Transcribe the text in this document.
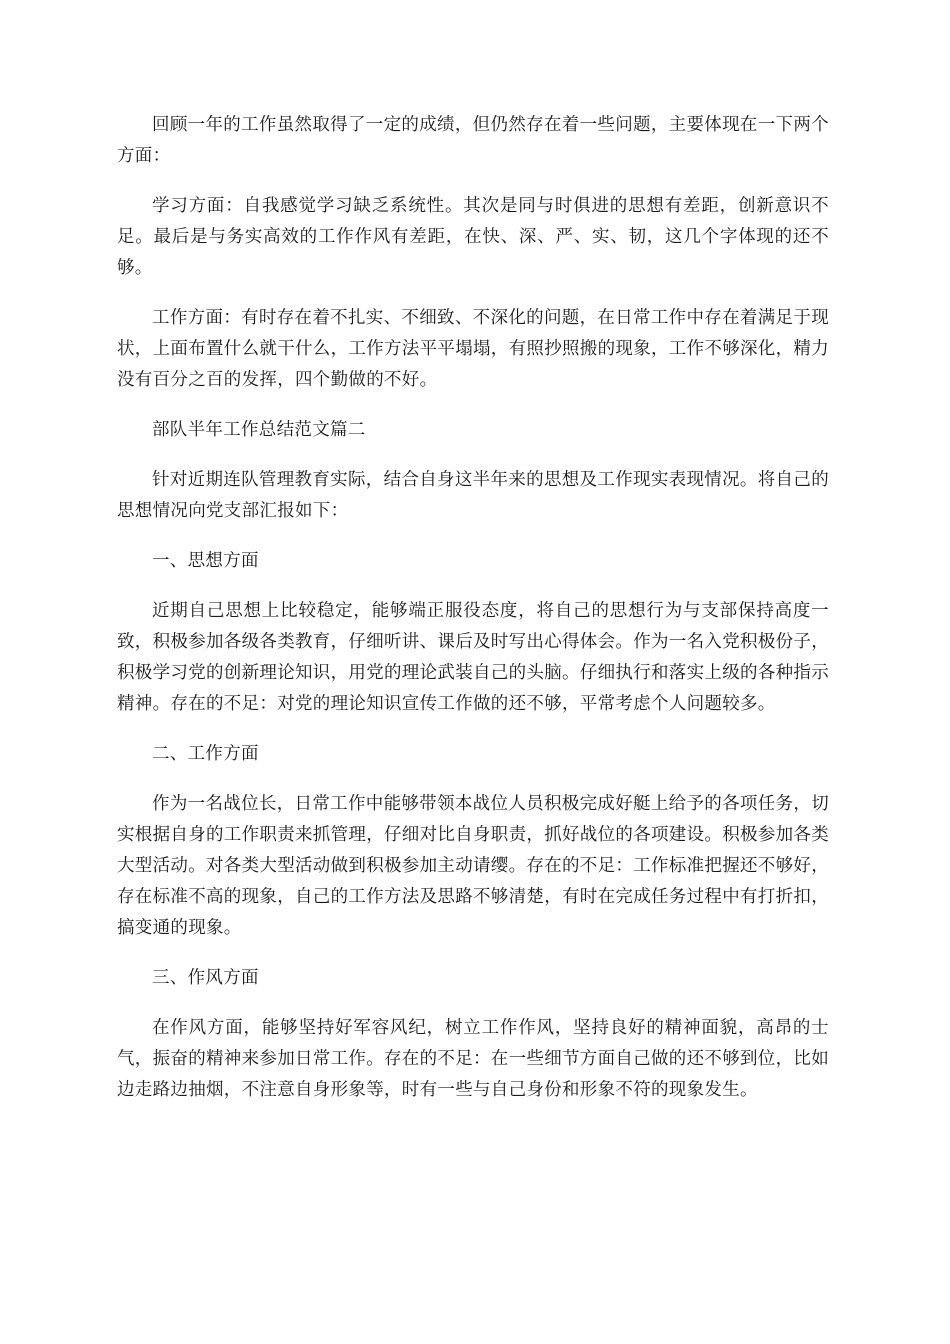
回顾一年的工作虽然取得了一定的成绩，但仍然存在着一些问题，主要体现在一下两个方面：

学习方面：自我感觉学习缺乏系统性。其次是同与时俱进的思想有差距，创新意识不足。最后是与务实高效的工作作风有差距，在快、深、严、实、韧，这几个字体现的还不够。

工作方面：有时存在着不扎实、不细致、不深化的问题，在日常工作中存在着满足于现状，上面布置什么就干什么，工作方法平平塌塌，有照抄照搬的现象，工作不够深化，精力没有百分之百的发挥，四个勤做的不好。

部队半年工作总结范文篇二

针对近期连队管理教育实际，结合自身这半年来的思想及工作现实表现情况。将自己的思想情况向党支部汇报如下：

一、思想方面

近期自己思想上比较稳定，能够端正服役态度，将自己的思想行为与支部保持高度一致，积极参加各级各类教育，仔细听讲、课后及时写出心得体会。作为一名入党积极份子，积极学习党的创新理论知识，用党的理论武装自己的头脑。仔细执行和落实上级的各种指示精神。存在的不足：对党的理论知识宣传工作做的还不够，平常考虑个人问题较多。

二、工作方面

作为一名战位长，日常工作中能够带领本战位人员积极完成好艇上给予的各项任务，切实根据自身的工作职责来抓管理，仔细对比自身职责，抓好战位的各项建设。积极参加各类大型活动。对各类大型活动做到积极参加主动请缨。存在的不足：工作标准把握还不够好，存在标准不高的现象，自己的工作方法及思路不够清楚，有时在完成任务过程中有打折扣，搞变通的现象。

三、作风方面

在作风方面，能够坚持好军容风纪，树立工作作风，坚持良好的精神面貌，高昂的士气，振奋的精神来参加日常工作。存在的不足：在一些细节方面自己做的还不够到位，比如边走路边抽烟，不注意自身形象等，时有一些与自己身份和形象不符的现象发生。
